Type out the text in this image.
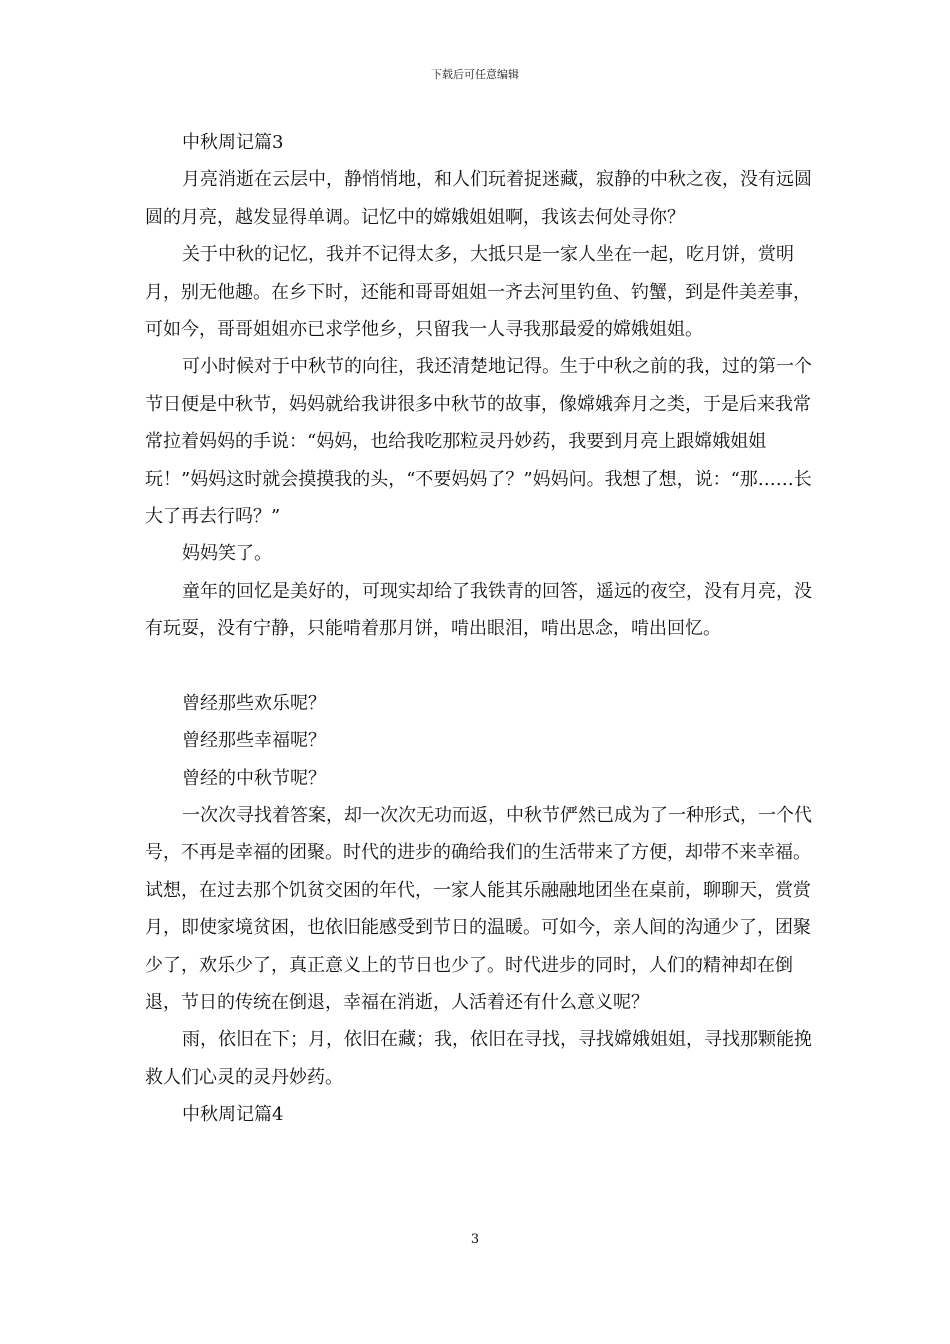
下载后可任意编辑

中秋周记篇3

月亮消逝在云层中，静悄悄地，和人们玩着捉迷藏，寂静的中秋之夜，没有远圆圆的月亮，越发显得单调。记忆中的嫦娥姐姐啊，我该去何处寻你？

关于中秋的记忆，我并不记得太多，大抵只是一家人坐在一起，吃月饼，赏明月，别无他趣。在乡下时，还能和哥哥姐姐一齐去河里钓鱼、钓蟹，到是件美差事，可如今，哥哥姐姐亦已求学他乡，只留我一人寻我那最爱的嫦娥姐姐。

可小时候对于中秋节的向往，我还清楚地记得。生于中秋之前的我，过的第一个节日便是中秋节，妈妈就给我讲很多中秋节的故事，像嫦娥奔月之类，于是后来我常常拉着妈妈的手说：“妈妈，也给我吃那粒灵丹妙药，我要到月亮上跟嫦娥姐姐玩！”妈妈这时就会摸摸我的头，“不要妈妈了？”妈妈问。我想了想，说：“那……长大了再去行吗？”

妈妈笑了。

童年的回忆是美好的，可现实却给了我铁青的回答，遥远的夜空，没有月亮，没有玩耍，没有宁静，只能啃着那月饼，啃出眼泪，啃出思念，啃出回忆。

曾经那些欢乐呢？

曾经那些幸福呢？

曾经的中秋节呢？

一次次寻找着答案，却一次次无功而返，中秋节俨然已成为了一种形式，一个代号，不再是幸福的团聚。时代的进步的确给我们的生活带来了方便，却带不来幸福。试想，在过去那个饥贫交困的年代，一家人能其乐融融地团坐在桌前，聊聊天，赏赏月，即使家境贫困，也依旧能感受到节日的温暖。可如今，亲人间的沟通少了，团聚少了，欢乐少了，真正意义上的节日也少了。时代进步的同时，人们的精神却在倒退，节日的传统在倒退，幸福在消逝，人活着还有什么意义呢？

雨，依旧在下；月，依旧在藏；我，依旧在寻找，寻找嫦娥姐姐，寻找那颗能挽救人们心灵的灵丹妙药。

中秋周记篇4

3
